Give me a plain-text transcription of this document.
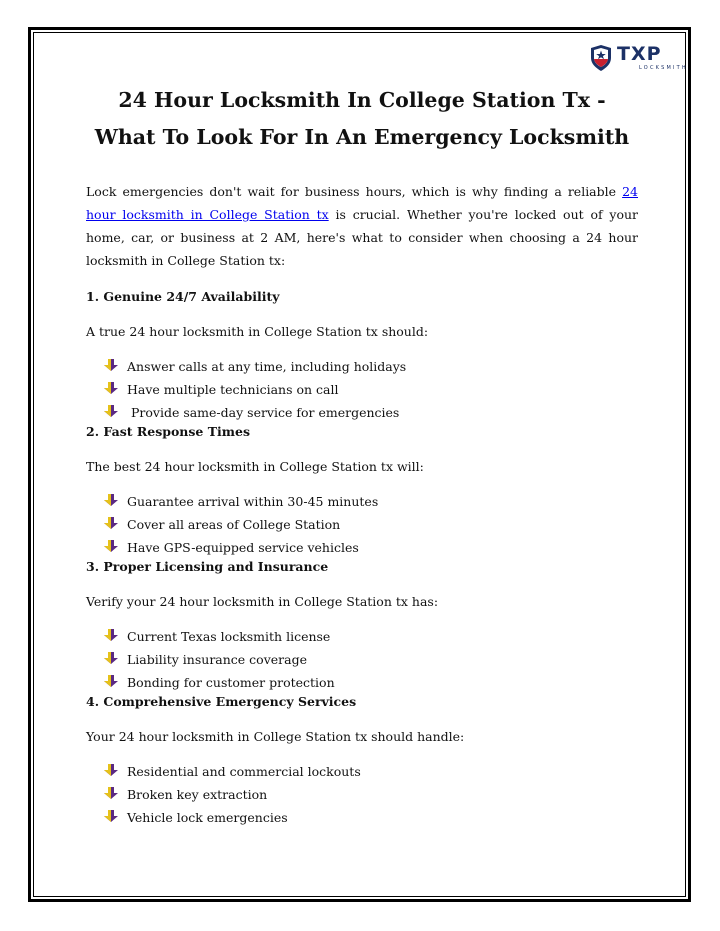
TXP
LOCKSMITH
24 Hour Locksmith In College Station Tx - What To Look For In An Emergency Locksmith

Lock emergencies don't wait for business hours, which is why finding a reliable 24 hour locksmith in College Station tx is crucial. Whether you're locked out of your home, car, or business at 2 AM, here's what to consider when choosing a 24 hour locksmith in College Station tx:

1. Genuine 24/7 Availability

A true 24 hour locksmith in College Station tx should:

Answer calls at any time, including holidays
Have multiple technicians on call
Provide same-day service for emergencies

2. Fast Response Times

The best 24 hour locksmith in College Station tx will:

Guarantee arrival within 30-45 minutes
Cover all areas of College Station
Have GPS-equipped service vehicles

3. Proper Licensing and Insurance

Verify your 24 hour locksmith in College Station tx has:

Current Texas locksmith license
Liability insurance coverage
Bonding for customer protection

4. Comprehensive Emergency Services

Your 24 hour locksmith in College Station tx should handle:

Residential and commercial lockouts
Broken key extraction
Vehicle lock emergencies
